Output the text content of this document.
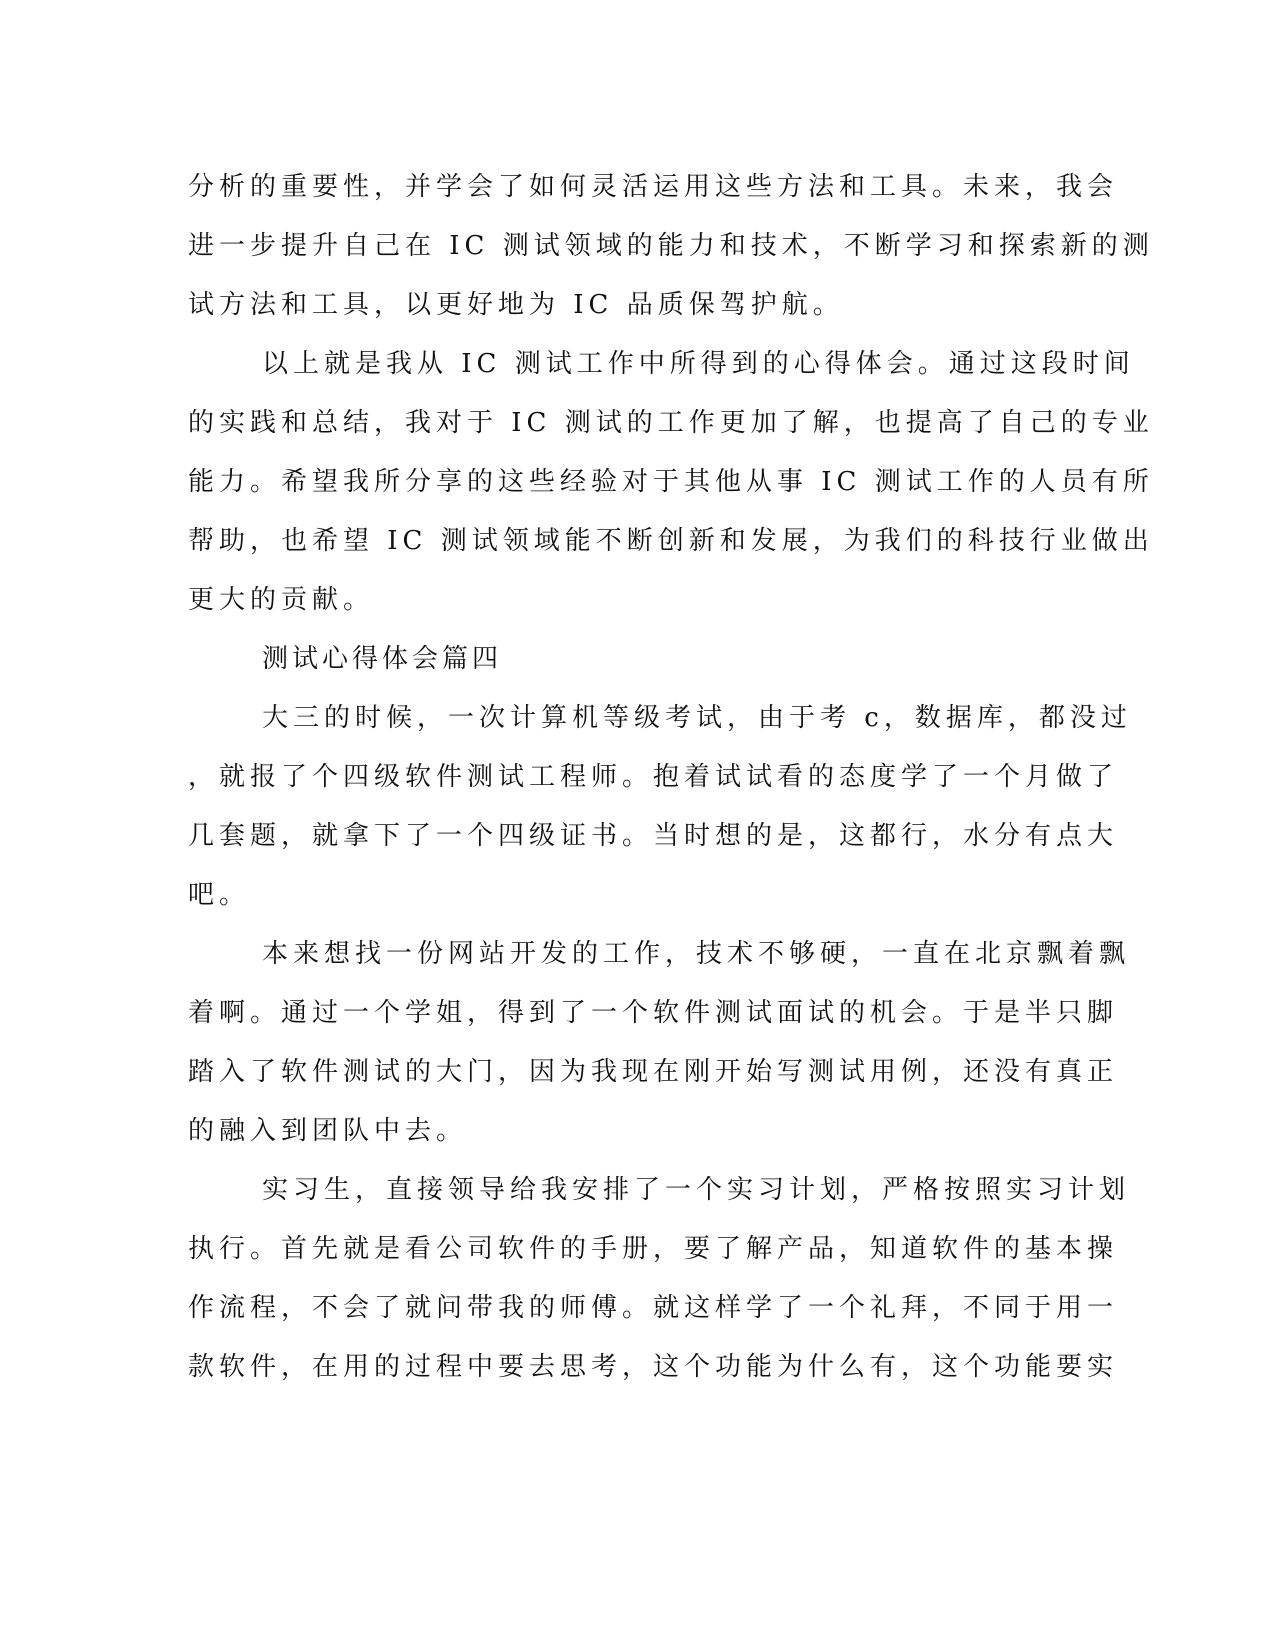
分析的重要性，并学会了如何灵活运用这些方法和工具。未来，我会
进一步提升自己在 IC 测试领域的能力和技术，不断学习和探索新的测
试方法和工具，以更好地为 IC 品质保驾护航。
以上就是我从 IC 测试工作中所得到的心得体会。通过这段时间
的实践和总结，我对于 IC 测试的工作更加了解，也提高了自己的专业
能力。希望我所分享的这些经验对于其他从事 IC 测试工作的人员有所
帮助，也希望 IC 测试领域能不断创新和发展，为我们的科技行业做出
更大的贡献。
测试心得体会篇四
大三的时候，一次计算机等级考试，由于考 c，数据库，都没过
，就报了个四级软件测试工程师。抱着试试看的态度学了一个月做了
几套题，就拿下了一个四级证书。当时想的是，这都行，水分有点大
吧。
本来想找一份网站开发的工作，技术不够硬，一直在北京飘着飘
着啊。通过一个学姐，得到了一个软件测试面试的机会。于是半只脚
踏入了软件测试的大门，因为我现在刚开始写测试用例，还没有真正
的融入到团队中去。
实习生，直接领导给我安排了一个实习计划，严格按照实习计划
执行。首先就是看公司软件的手册，要了解产品，知道软件的基本操
作流程，不会了就问带我的师傅。就这样学了一个礼拜，不同于用一
款软件，在用的过程中要去思考，这个功能为什么有，这个功能要实
